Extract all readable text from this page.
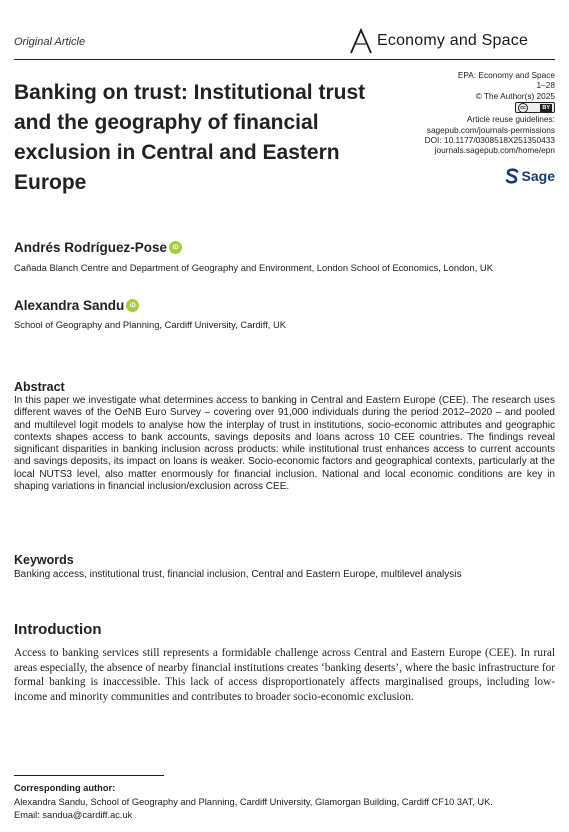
Original Article	Economy and Space
Banking on trust: Institutional trust and the geography of financial exclusion in Central and Eastern Europe
EPA: Economy and Space
1–28
© The Author(s) 2025
cc	BY
Article reuse guidelines:
sagepub.com/journals-permissions
DOI: 10.1177/0308518X251350433
journals.sagepub.com/home/epn
Sage
Andrés Rodríguez-Pose iD
Cañada Blanch Centre and Department of Geography and Environment, London School of Economics, London, UK
Alexandra Sandu iD
School of Geography and Planning, Cardiff University, Cardiff, UK
Abstract
In this paper we investigate what determines access to banking in Central and Eastern Europe (CEE). The research uses different waves of the OeNB Euro Survey – covering over 91,000 individuals during the period 2012–2020 – and pooled and multilevel logit models to analyse how the interplay of trust in institutions, socio-economic attributes and geographic contexts shapes access to bank accounts, savings deposits and loans across 10 CEE countries. The findings reveal significant disparities in banking inclusion across products: while institutional trust enhances access to current accounts and savings deposits, its impact on loans is weaker. Socio-economic factors and geographical contexts, particularly at the local NUTS3 level, also matter enormously for financial inclusion. National and local economic conditions are key in shaping variations in financial inclusion/exclusion across CEE.
Keywords
Banking access, institutional trust, financial inclusion, Central and Eastern Europe, multilevel analysis
Introduction
Access to banking services still represents a formidable challenge across Central and Eastern Europe (CEE). In rural areas especially, the absence of nearby financial institutions creates ‘banking deserts’, where the basic infrastructure for formal banking is inaccessible. This lack of access disproportionately affects marginalised groups, including low-income and minority communities and contributes to broader socio-economic exclusion.
Corresponding author:
Alexandra Sandu, School of Geography and Planning, Cardiff University, Glamorgan Building, Cardiff CF10 3AT, UK.
Email: sandua@cardiff.ac.uk
